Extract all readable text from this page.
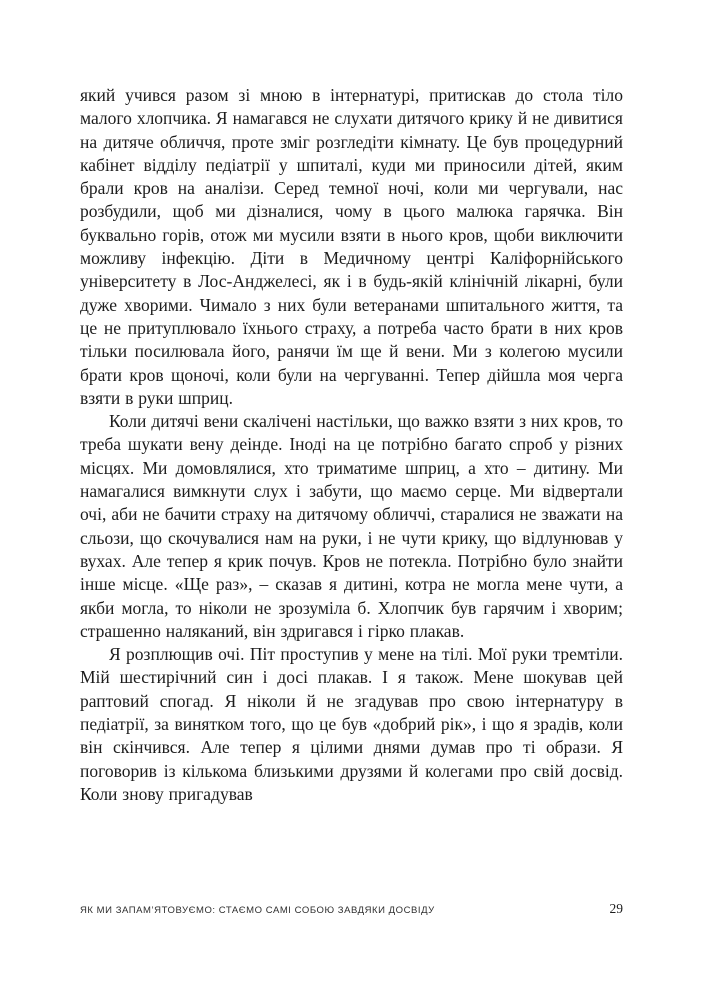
який учився разом зі мною в інтернатурі, притискав до стола тіло малого хлопчика. Я намагався не слухати дитячого крику й не дивитися на дитяче обличчя, проте зміг розгледіти кімнату. Це був процедурний кабінет відділу педіатрії у шпиталі, куди ми приносили дітей, яким брали кров на аналізи. Серед темної ночі, коли ми чергували, нас розбудили, щоб ми дізналися, чому в цього малюка гарячка. Він буквально горів, отож ми мусили взяти в нього кров, щоби виключити можливу інфекцію. Діти в Медичному центрі Каліфорнійського університету в Лос-Анджелесі, як і в будь-якій клінічній лікарні, були дуже хворими. Чимало з них були ветеранами шпитального життя, та це не притуплювало їхнього страху, а потреба часто брати в них кров тільки посилювала його, ранячи їм ще й вени. Ми з колегою мусили брати кров щоночі, коли були на чергуванні. Тепер дійшла моя черга взяти в руки шприц.

Коли дитячі вени скалічені настільки, що важко взяти з них кров, то треба шукати вену деінде. Іноді на це потрібно багато спроб у різних місцях. Ми домовлялися, хто триматиме шприц, а хто – дитину. Ми намагалися вимкнути слух і забути, що маємо серце. Ми відвертали очі, аби не бачити страху на дитячому обличчі, старалися не зважати на сльози, що скочувалися нам на руки, і не чути крику, що відлунював у вухах. Але тепер я крик почув. Кров не потекла. Потрібно було знайти інше місце. «Ще раз», – сказав я дитині, котра не могла мене чути, а якби могла, то ніколи не зрозуміла б. Хлопчик був гарячим і хворим; страшенно наляканий, він здригався і гірко плакав.

Я розплющив очі. Піт проступив у мене на тілі. Мої руки тремтіли. Мій шестирічний син і досі плакав. І я також. Мене шокував цей раптовий спогад. Я ніколи й не згадував про свою інтернатуру в педіатрії, за винятком того, що це був «добрий рік», і що я зрадів, коли він скінчився. Але тепер я цілими днями думав про ті образи. Я поговорив із кількома близькими друзями й колегами про свій досвід. Коли знову пригадував

ЯК МИ ЗАПАМ’ЯТОВУЄМО: СТАЄМО САМІ СОБОЮ ЗАВДЯКИ ДОСВІДУ	29
